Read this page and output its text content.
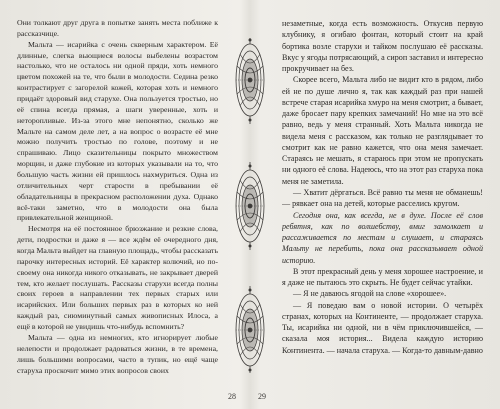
Они толкают друг друга в попытке занять места поближе к рассказчице.

Мальта — исарийка с очень скверным характером. Её длинные, слегка вьющиеся волосы выбелены возрастом настолько, что не осталось ни одной пряди, хоть немного цветом похожей на те, что были в молодости. Седина резко контрастирует с загорелой кожей, которая хоть и немного придаёт здоровый вид старухе. Она пользуется тростью, но её спина всегда прямая, а шаги уверенные, хоть и неторопливые. Из-за этого мне непонятно, сколько же Мальте на самом деле лет, а на вопрос о возрасте её мне можно получить тростью по голове, поэтому и не спрашиваю. Лицо сказительницы покрыто множеством морщин, и даже глубокие из которых указывали на то, что большую часть жизни ей пришлось нахмуриться. Одна из отличительных черт старости в пребывании её обладательницы в прекрасном расположении духа. Однако всё-таки заметно, что в молодости она была привлекательной женщиной.

Несмотря на её постоянное брюзжание и резкие слова, дети, подростки и даже я — все ждём её очередного дня, когда Мальта выйдет на главную площадь, чтобы рассказать парочку интересных историй. Её характер колючий, но по-своему она никогда никого отказывать, не закрывает дверей тем, кто желает послушать. Рассказы старухи всегда полны своих героев в направлении тех первых старых или исарийских. Или больших первых раз в которых ко ней каждый раз, сиюминутный самых живописных Илоса, а ещё в которой не увидишь что-нибудь вспомнить?

Мальта — одна из немногих, кто игнорирует любые нелепости и продолжает радоваться жизни, в те времена, лишь большими вопросами, часто в тупик, но ещё чаще старуха проскочит мимо этих вопросов своих

незаметные, когда есть возможность. Откусив первую клубнику, я огибаю фонтан, который стоит на край бортика возле старухи и тайком послушаю её рассказы. Вкус у ягоды потрясающий, а сироп заставил и интересно прокручивает на без.

Скорее всего, Мальта либо не видит кто в рядом, либо ей не по душе лично я, так как каждый раз при нашей встрече старая исарийка хмуро на меня смотрит, а бывает, даже бросает пару крепких замечаний! Но мне на это всё равно, ведь у меня странный. Хоть Мальта никогда не видела меня с рассказом, как только не разглядывает то смотрит как не равно кажется, что она меня замечает. Стараясь не мешать, я стараюсь при этом не пропускать ни одного её слова. Надеюсь, что на этот раз старуха пока меня не заметила.

— Хватит дёргаться. Всё равно ты меня не обманешь! — рявкает она на детей, которые расселись кругом.

Сегодня она, как всегда, не в духе. После её слов ребятня, как по волшебству, вмиг замолкает и рассаживается по местам и слушает, и стараясь Мальту не перебить, пока она рассказывает одной историю.

В этот прекрасный день у меня хорошее настроение, и я даже не пытаюсь это скрыть. Не будет сейчас утайки.

— Я не даваюсь ягодой на слове «хорошее».

— Я поведаю вам о новой истории. О четырёх странах, которых на Континенте, — продолжает старуха. Ты, исарийка ни одной, ни в чём приключившейся, — сказала моя история... Видела каждую историю Континента. — начала старуха. — Когда-то давным-давно

28	29
